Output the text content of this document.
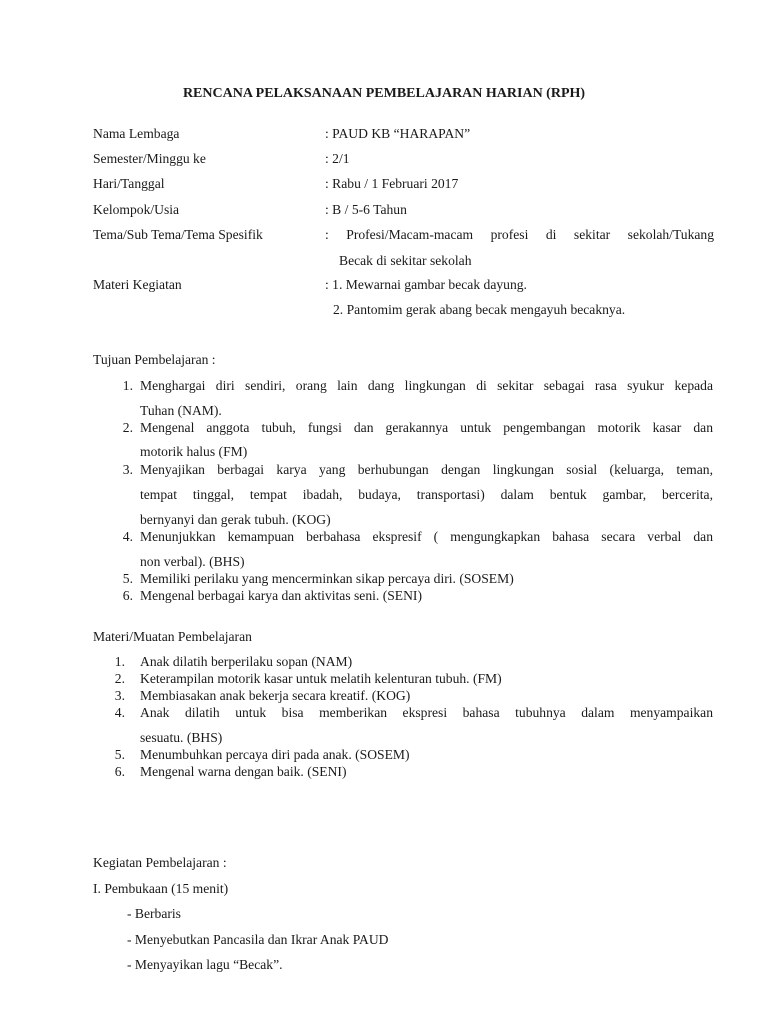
RENCANA PELAKSANAAN PEMBELAJARAN HARIAN (RPH)
Nama Lembaga	: PAUD KB “HARAPAN”
Semester/Minggu ke	: 2/1
Hari/Tanggal	: Rabu / 1 Februari 2017
Kelompok/Usia	: B / 5-6 Tahun
Tema/Sub Tema/Tema Spesifik	: Profesi/Macam-macam profesi di sekitar sekolah/Tukang
Becak di sekitar sekolah
Materi Kegiatan	: 1. Mewarnai gambar becak dayung.
2. Pantomim gerak abang becak mengayuh becaknya.
Tujuan Pembelajaran :
1. Menghargai diri sendiri, orang lain dang lingkungan di sekitar sebagai rasa syukur kepada
Tuhan (NAM).
2. Mengenal anggota tubuh, fungsi dan gerakannya untuk pengembangan motorik kasar dan
motorik halus (FM)
3. Menyajikan berbagai karya yang berhubungan dengan lingkungan sosial (keluarga, teman,
tempat tinggal, tempat ibadah, budaya, transportasi) dalam bentuk gambar, bercerita,
bernyanyi dan gerak tubuh. (KOG)
4. Menunjukkan kemampuan berbahasa ekspresif ( mengungkapkan bahasa secara verbal dan
non verbal). (BHS)
5. Memiliki perilaku yang mencerminkan sikap percaya diri. (SOSEM)
6. Mengenal berbagai karya dan aktivitas seni. (SENI)
Materi/Muatan Pembelajaran
1. Anak dilatih berperilaku sopan (NAM)
2. Keterampilan motorik kasar untuk melatih kelenturan tubuh. (FM)
3. Membiasakan anak bekerja secara kreatif. (KOG)
4. Anak dilatih untuk bisa memberikan ekspresi bahasa tubuhnya dalam menyampaikan
sesuatu. (BHS)
5. Menumbuhkan percaya diri pada anak. (SOSEM)
6. Mengenal warna dengan baik. (SENI)
Kegiatan Pembelajaran :
I. Pembukaan (15 menit)
- Berbaris
- Menyebutkan Pancasila dan Ikrar Anak PAUD
- Menyayikan lagu “Becak”.
